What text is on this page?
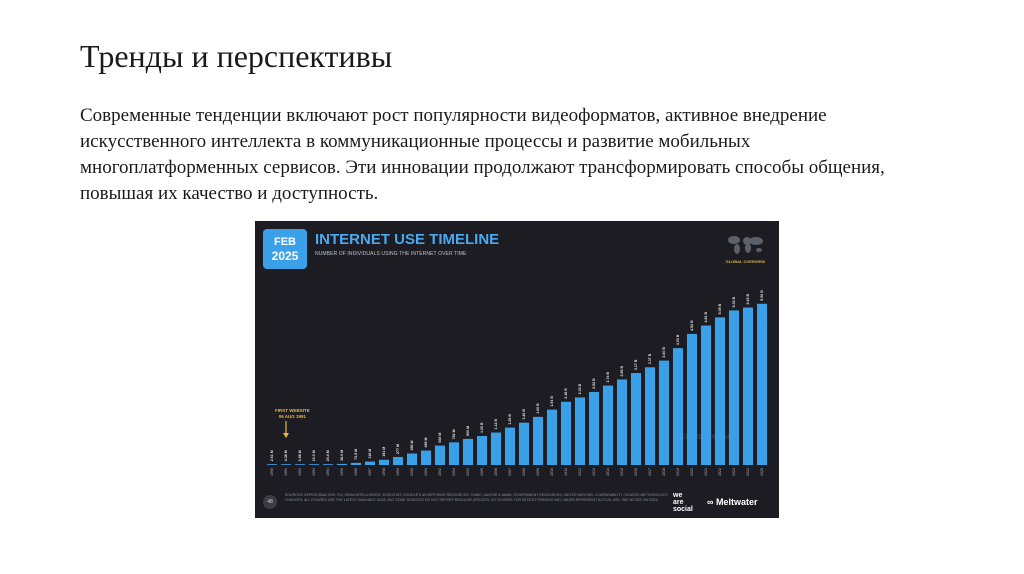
Тренды и перспективы

Современные тенденции включают рост популярности видеоформатов, активное внедрение искусственного интеллекта в коммуникационные процессы и развитие мобильных многоплатформенных сервисов. Эти инновации продолжают трансформировать способы общения, повышая их качество и доступность.

FEB
2025
INTERNET USE TIMELINE
NUMBER OF INDIVIDUALS USING THE INTERNET OVER TIME
GLOBAL OVERVIEW
2.61 M
1990
4.38 M
1991
6.98 M
1992
10.0 M
1993
20.4 M
1994
38.0 M
1995
73.5 M
1996
118 M
1997
181 M
1998
277 M
1999
396 M
2000
499 M
2001
669 M
2002
782 M
2003
900 M
2004
1.00 B
2005
1.12 B
2006
1.29 B
2007
1.46 B
2008
1.66 B
2009
1.91 B
2010
2.18 B
2011
2.33 B
2012
2.52 B
2013
2.74 B
2014
2.95 B
2015
3.17 B
2016
3.37 B
2017
3.60 B
2018
4.03 B
2019
4.52 B
2020
4.81 B
2021
5.09 B
2022
5.33 B
2023
5.43 B
2024
5.56 B
2025
FIRST WEBSITE
06 AUG 1991
48
SOURCES: KEPIOS ANALYSIS; ITU; GSMA INTELLIGENCE; EUROSTAT; GOOGLE'S ADVERTISING RESOURCES; CNNIC; KANTAR & IAMAI; GOVERNMENT RESOURCES; UNITED NATIONS. COMPARABILITY: SOURCE METHODOLOGY CHANGES; ALL FIGURES USE THE LATEST AVAILABLE DATA, BUT SOME SOURCES DO NOT REPORT REGULAR UPDATES, SO FIGURES FOR RECENT PERIODS MAY UNDER-REPRESENT ACTUAL USE. SEE NOTES ON DATA.
we
are
social
∞ Meltwater
